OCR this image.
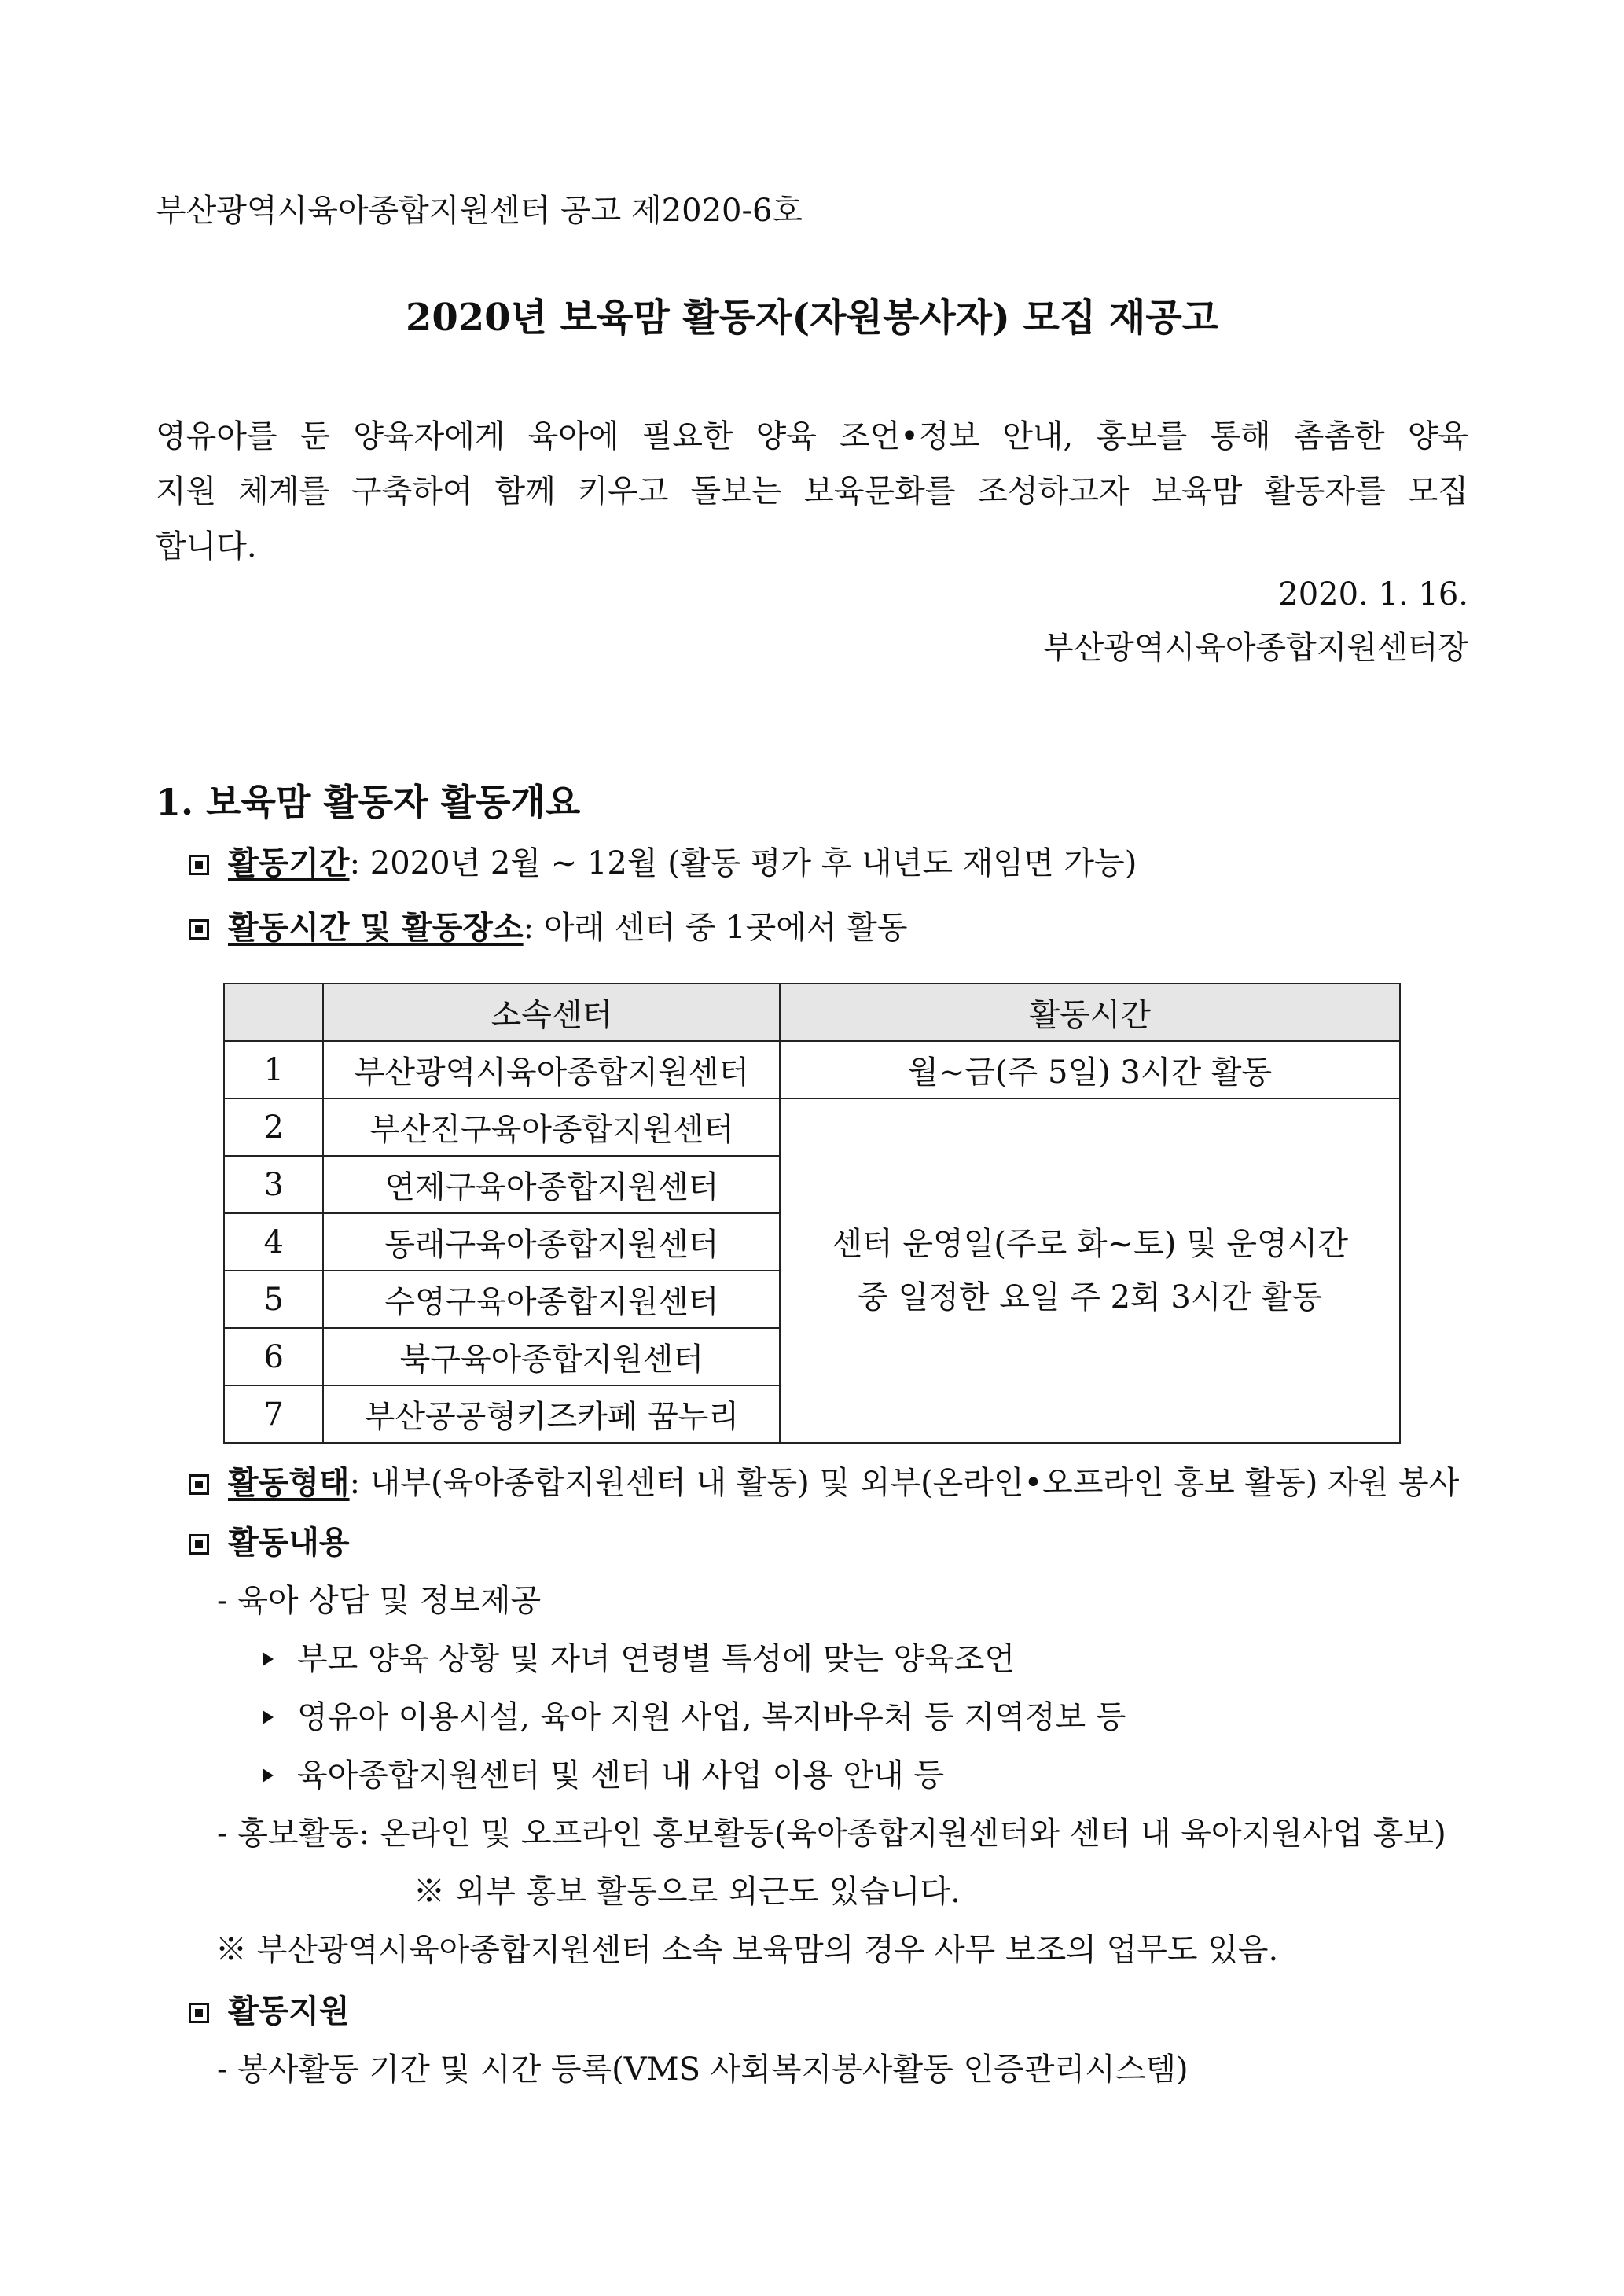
부산광역시육아종합지원센터 공고 제2020-6호
2020년 보육맘 활동자(자원봉사자) 모집 재공고
영유아를 둔 양육자에게 육아에 필요한 양육 조언•정보 안내, 홍보를 통해 촘촘한 양육
지원 체계를 구축하여 함께 키우고 돌보는 보육문화를 조성하고자 보육맘 활동자를 모집
합니다.
2020. 1. 16.
부산광역시육아종합지원센터장
1. 보육맘 활동자 활동개요
활동기간: 2020년 2월 ~ 12월 (활동 평가 후 내년도 재임면 가능)
활동시간 및 활동장소: 아래 센터 중 1곳에서 활동
	소속센터	활동시간
1	부산광역시육아종합지원센터	월~금(주 5일) 3시간 활동
2	부산진구육아종합지원센터	센터 운영일(주로 화~토) 및 운영시간
중 일정한 요일 주 2회 3시간 활동

3	연제구육아종합지원센터	
4	동래구육아종합지원센터	
5	수영구육아종합지원센터	
6	북구육아종합지원센터	
7	부산공공형키즈카페 꿈누리	
활동형태: 내부(육아종합지원센터 내 활동) 및 외부(온라인•오프라인 홍보 활동) 자원 봉사
활동내용
- 육아 상담 및 정보제공
부모 양육 상황 및 자녀 연령별 특성에 맞는 양육조언
영유아 이용시설, 육아 지원 사업, 복지바우처 등 지역정보 등
육아종합지원센터 및 센터 내 사업 이용 안내 등
- 홍보활동: 온라인 및 오프라인 홍보활동(육아종합지원센터와 센터 내 육아지원사업 홍보)
※ 외부 홍보 활동으로 외근도 있습니다.
※ 부산광역시육아종합지원센터 소속 보육맘의 경우 사무 보조의 업무도 있음.
활동지원
- 봉사활동 기간 및 시간 등록(VMS 사회복지봉사활동 인증관리시스템)
